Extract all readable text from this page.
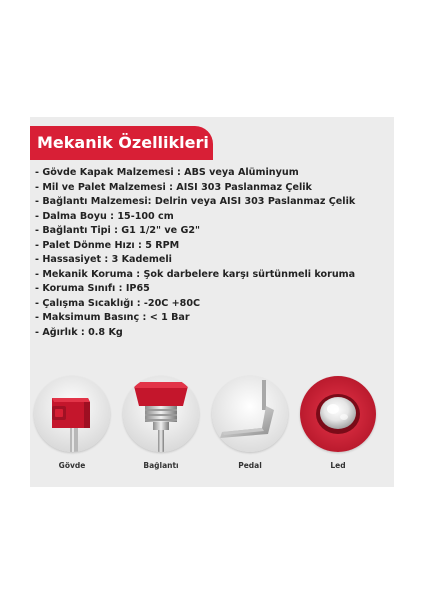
Mekanik Özellikleri
- Gövde Kapak Malzemesi : ABS veya Alüminyum
- Mil ve Palet Malzemesi : AISI 303 Paslanmaz Çelik
- Bağlantı Malzemesi: Delrin veya AISI 303 Paslanmaz Çelik
- Dalma Boyu : 15-100 cm
- Bağlantı Tipi : G1 1/2" ve G2"
- Palet Dönme Hızı : 5 RPM
- Hassasiyet : 3 Kademeli
- Mekanik Koruma : Şok darbelere karşı sürtünmeli koruma
- Koruma Sınıfı : IP65
- Çalışma Sıcaklığı : -20C +80C
- Maksimum Basınç : < 1 Bar
- Ağırlık : 0.8 Kg
Gövde	Bağlantı	Pedal	Led
